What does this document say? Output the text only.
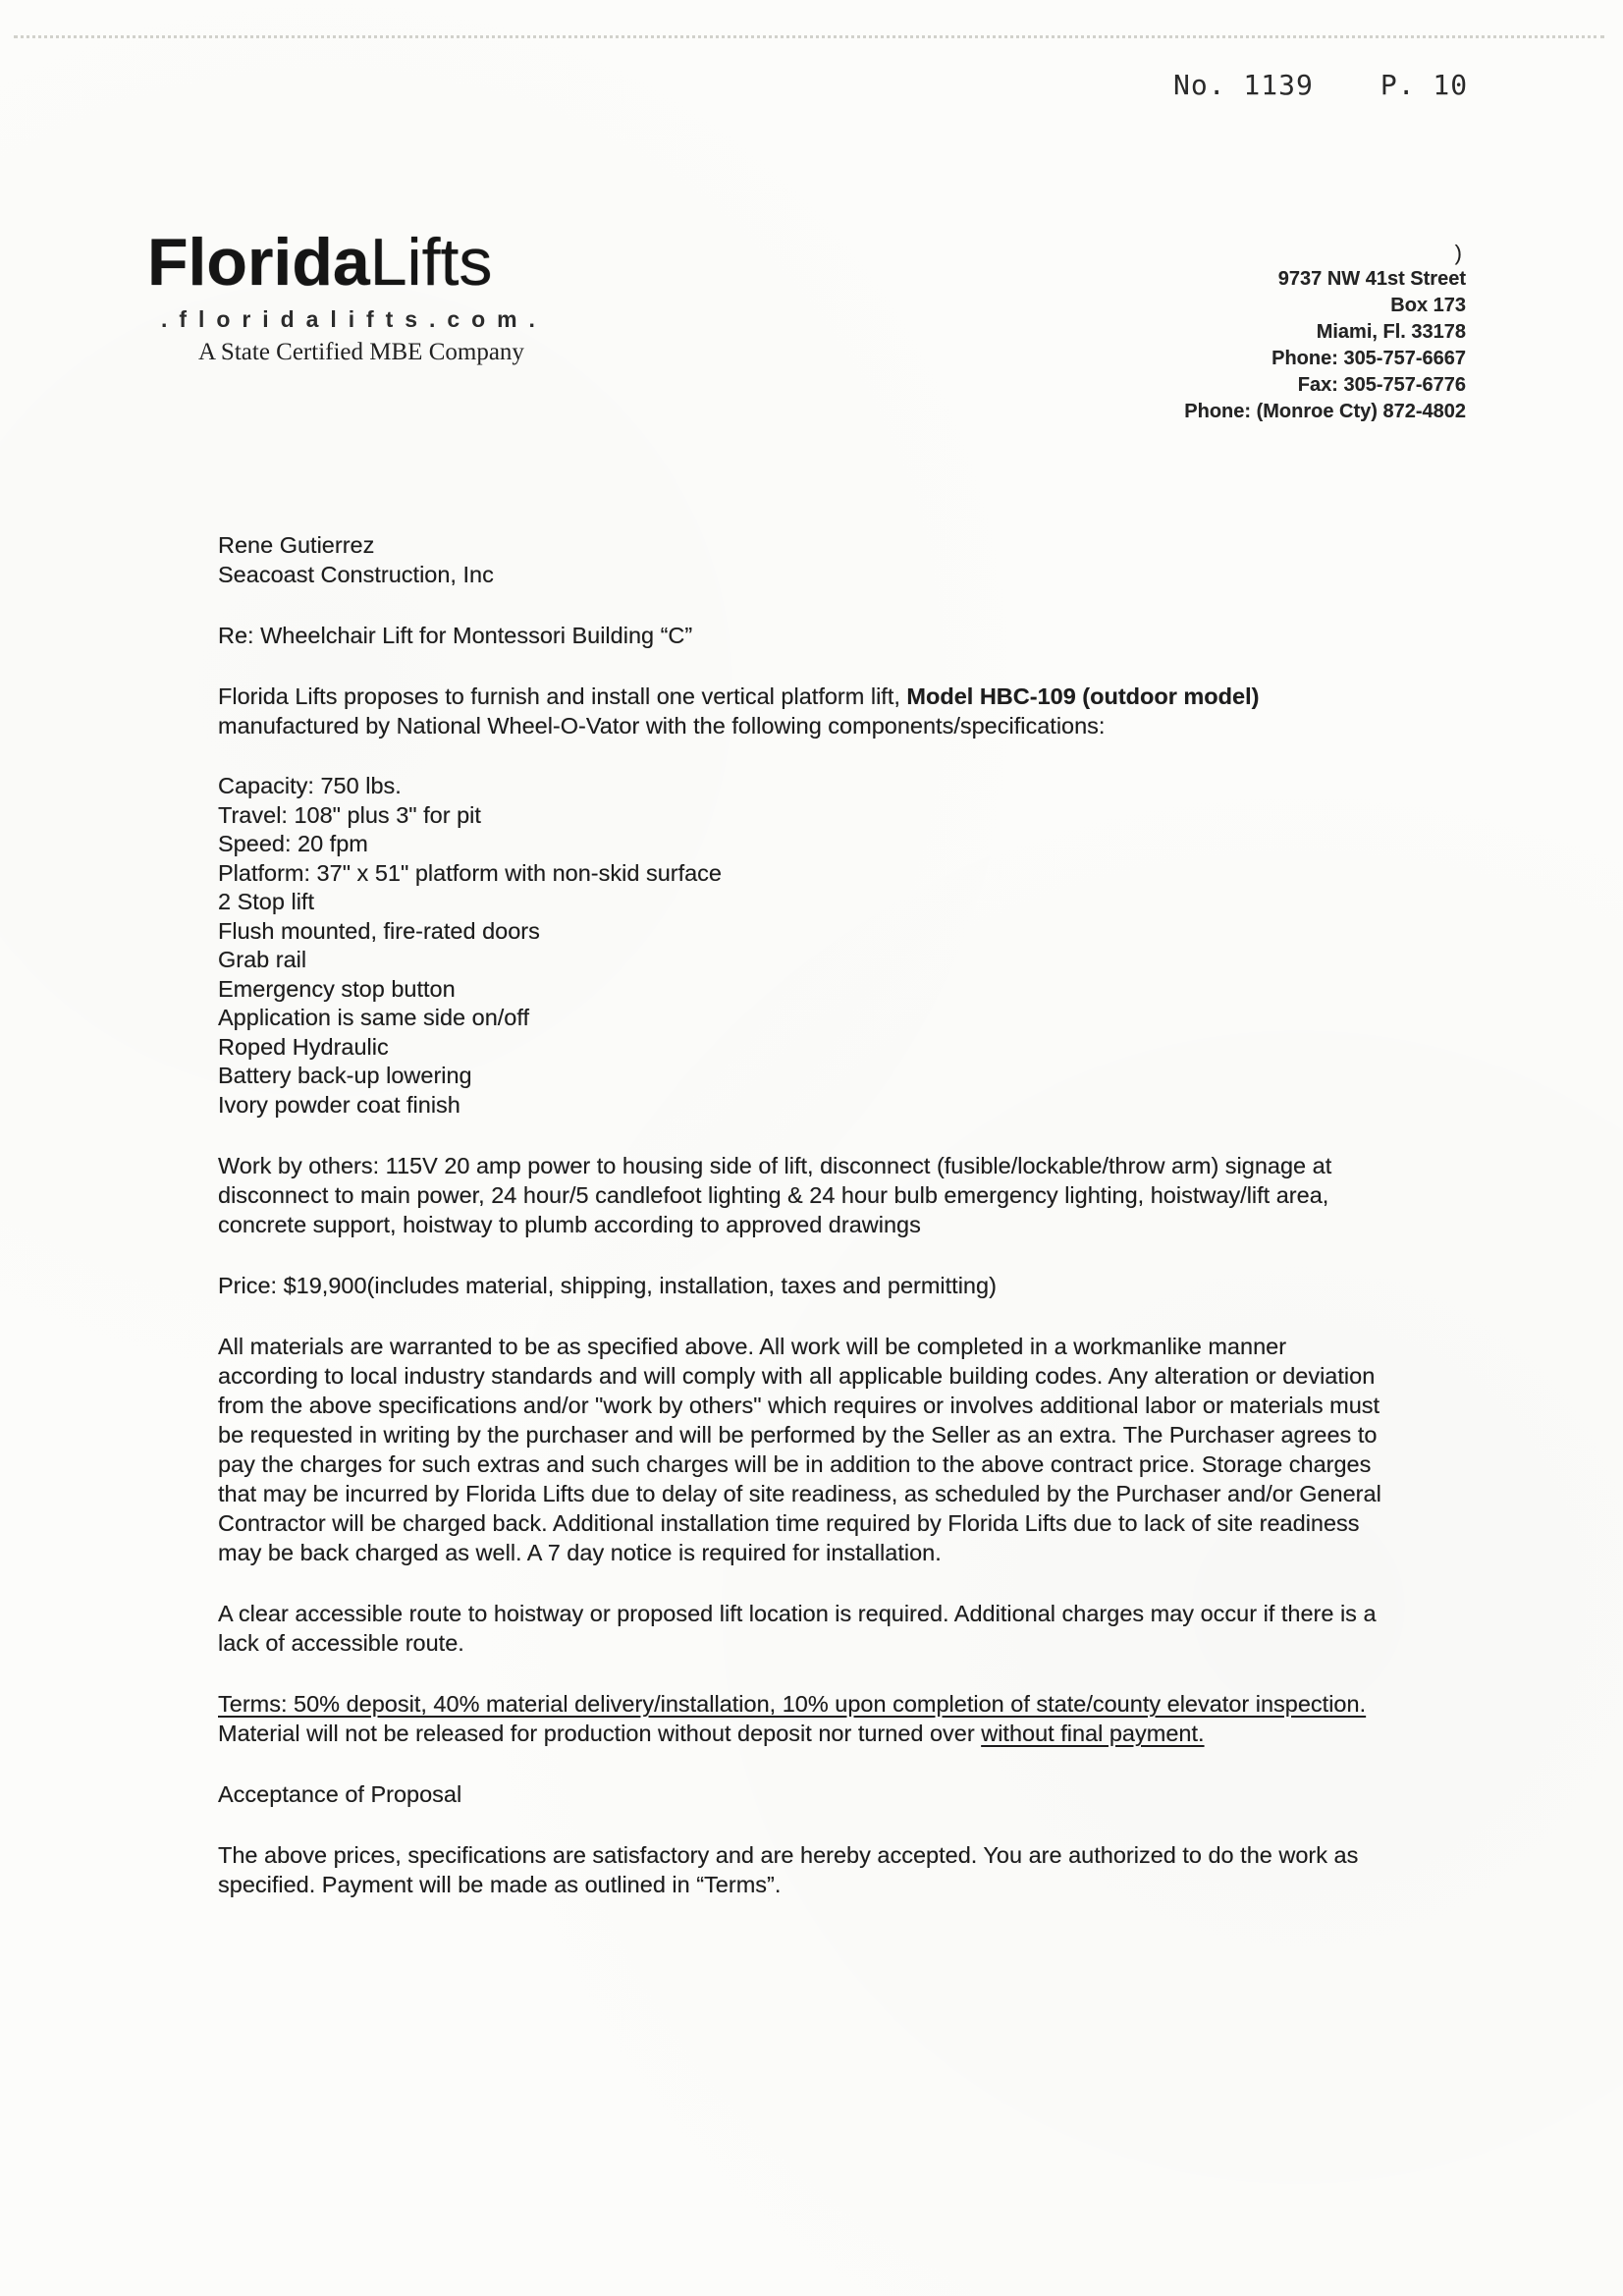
No. 1139 P. 10
FloridaLifts
.floridalifts.com.
A State Certified MBE Company
)
9737 NW 41st Street
Box 173
Miami, Fl. 33178
Phone: 305-757-6667
Fax: 305-757-6776
Phone: (Monroe Cty) 872-4802
Rene Gutierrez
Seacoast Construction, Inc
Re: Wheelchair Lift for Montessori Building “C”

Florida Lifts proposes to furnish and install one vertical platform lift, Model HBC-109 (outdoor model) manufactured by National Wheel-O-Vator with the following components/specifications:

Capacity: 750 lbs.
Travel: 108" plus 3" for pit
Speed: 20 fpm
Platform: 37" x 51" platform with non-skid surface
2 Stop lift
Flush mounted, fire-rated doors
Grab rail
Emergency stop button
Application is same side on/off
Roped Hydraulic
Battery back-up lowering
Ivory powder coat finish

Work by others: 115V 20 amp power to housing side of lift, disconnect (fusible/lockable/throw arm) signage at disconnect to main power, 24 hour/5 candlefoot lighting & 24 hour bulb emergency lighting, hoistway/lift area, concrete support, hoistway to plumb according to approved drawings

Price: $19,900(includes material, shipping, installation, taxes and permitting)

All materials are warranted to be as specified above. All work will be completed in a workmanlike manner according to local industry standards and will comply with all applicable building codes. Any alteration or deviation from the above specifications and/or "work by others" which requires or involves additional labor or materials must be requested in writing by the purchaser and will be performed by the Seller as an extra. The Purchaser agrees to pay the charges for such extras and such charges will be in addition to the above contract price. Storage charges that may be incurred by Florida Lifts due to delay of site readiness, as scheduled by the Purchaser and/or General Contractor will be charged back. Additional installation time required by Florida Lifts due to lack of site readiness may be back charged as well. A 7 day notice is required for installation.

A clear accessible route to hoistway or proposed lift location is required. Additional charges may occur if there is a lack of accessible route.

Terms: 50% deposit, 40% material delivery/installation, 10% upon completion of state/county elevator inspection. Material will not be released for production without deposit nor turned over without final payment.

Acceptance of Proposal

The above prices, specifications are satisfactory and are hereby accepted. You are authorized to do the work as specified. Payment will be made as outlined in “Terms”.
